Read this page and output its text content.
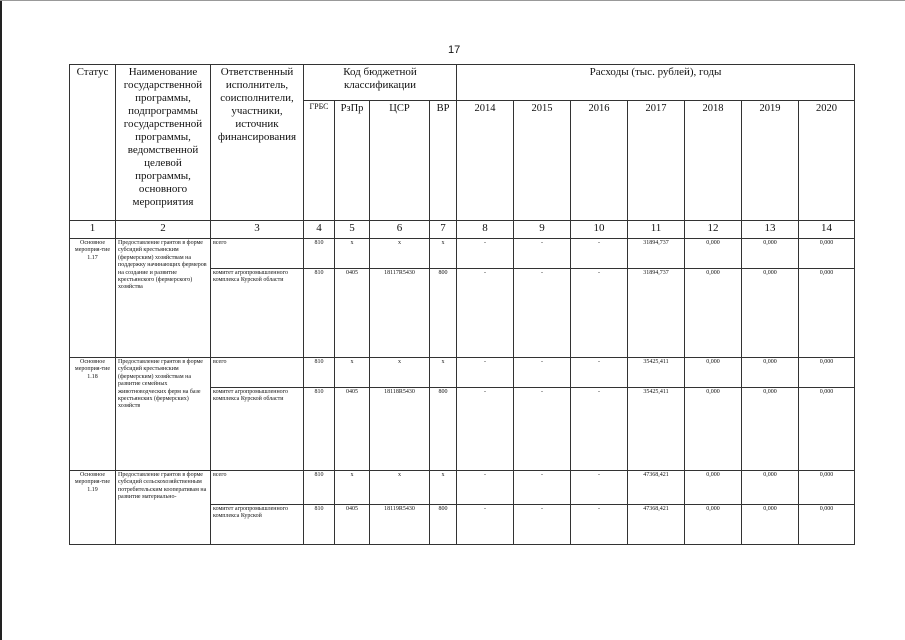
17
Статус	Наименование государственной программы, подпрограммы государственной программы, ведомственной целевой программы, основного мероприятия	Ответственный исполнитель, соисполнители, участники, источник финансирования	Код бюджетной классификации				Расходы (тыс. рублей), годы						
			ГРБС	РзПр	ЦСР	ВР	2014	2015	2016	2017	2018	2019	2020
1	2	3	4	5	6	7	8	9	10	11	12	13	14
Основное мероприя-тие 1.17	Предоставление грантов в форме субсидий крестьянским (фермерским) хозяйствам на поддержку начинающих фермеров на создание и развитие крестьянского (фермерского) хозяйства	всего	810	х	х	х	-	-	-	31894,737	0,000	0,000	0,000
		комитет агропромышленного комплекса Курской области	810	0405	18117R5430	800	-	-	-	31894,737	0,000	0,000	0,000
Основное мероприя-тие 1.18	Предоставление грантов в форме субсидий крестьянским (фермерским) хозяйствам на развитие семейных животноводческих ферм на базе крестьянских (фермерских) хозяйств	всего	810	х	х	х	-	-	-	35425,411	0,000	0,000	0,000
		комитет агропромышленного комплекса Курской области	810	0405	18118R5430	800	-	-	-	35425,411	0,000	0,000	0,000
Основное мероприя-тие 1.19	Предоставление грантов в форме субсидий сельскохозяйственным потребительским кооперативам на развитие материально-	всего	810	х	х	х	-	-	-	47368,421	0,000	0,000	0,000
		комитет агропромышленного комплекса Курской	810	0405	18119R5430	800	-	-	-	47368,421	0,000	0,000	0,000
